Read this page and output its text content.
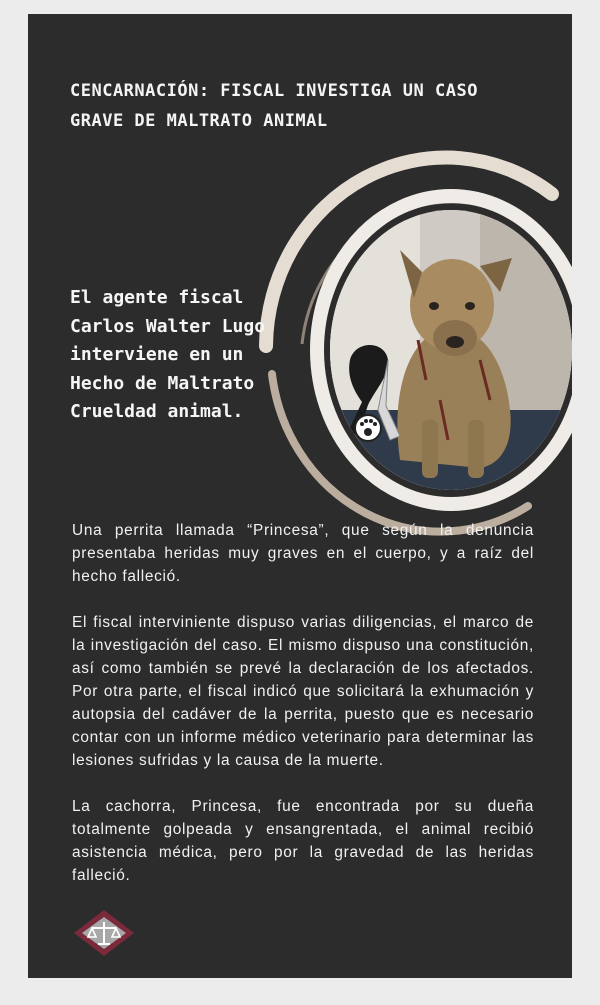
CENCARNACIÓN: FISCAL INVESTIGA UN CASO GRAVE DE MALTRATO ANIMAL
El agente fiscal
Carlos Walter Lugo
interviene en un
Hecho de Maltrato
Crueldad animal.

Una perrita llamada “Princesa”, que según la denuncia presentaba heridas muy graves en el cuerpo, y a raíz del hecho falleció.

El fiscal interviniente dispuso varias diligencias, el marco de la investigación del caso. El mismo dispuso una constitución, así como también se prevé la declaración de los afectados. Por otra parte, el fiscal indicó que solicitará la exhumación y autopsia del cadáver de la perrita, puesto que es necesario contar con un informe médico veterinario para determinar las lesiones sufridas y la causa de la muerte.

La cachorra, Princesa, fue encontrada por su dueña totalmente golpeada y ensangrentada, el animal recibió asistencia médica, pero por la gravedad de las heridas falleció.
